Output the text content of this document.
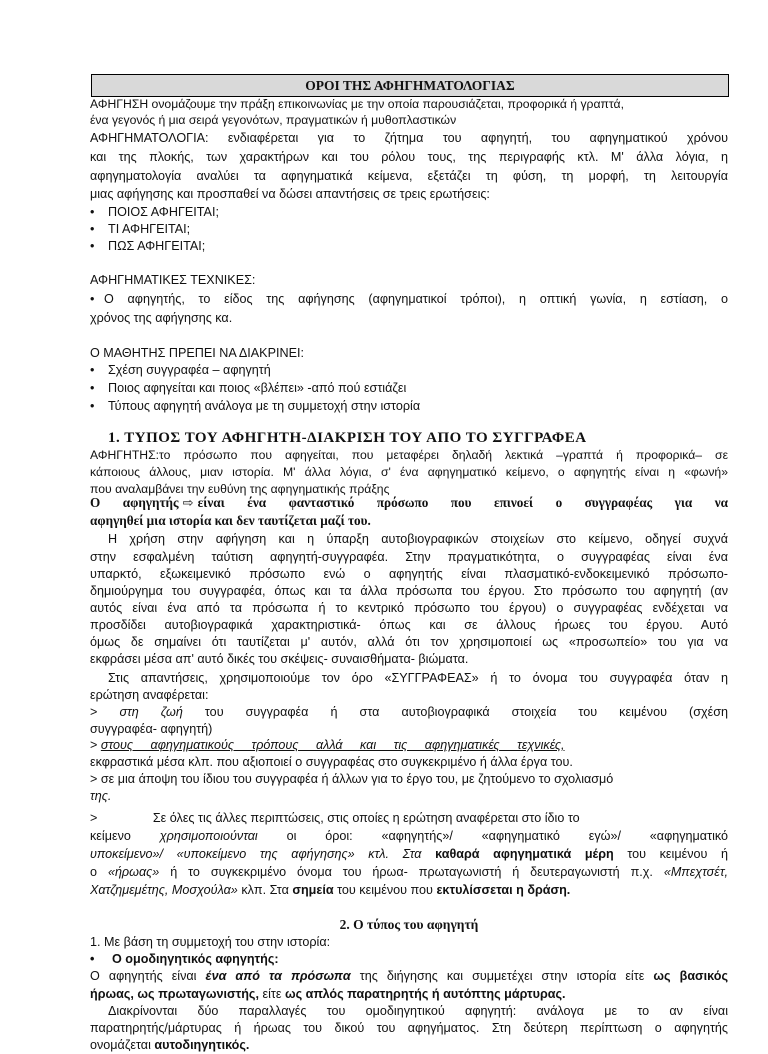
ΟΡΟΙ ΤΗΣ ΑΦΗΓΗΜΑΤΟΛΟΓΙΑΣ
ΑΦΗΓΗΣΗ ονομάζουμε την πράξη επικοινωνίας με την οποία παρουσιάζεται, προφορικά ή γραπτά,
ένα γεγονός ή μια σειρά γεγονότων, πραγματικών ή μυθοπλαστικών
ΑΦΗΓΗΜΑΤΟΛΟΓΙΑ: ενδιαφέρεται για το ζήτημα του αφηγητή, του αφηγηματικού χρόνου
και της πλοκής, των χαρακτήρων και του ρόλου τους, της περιγραφής κτλ. Μ' άλλα λόγια, η
αφηγηματολογία αναλύει τα αφηγηματικά κείμενα, εξετάζει τη φύση, τη μορφή, τη λειτουργία
μιας αφήγησης και προσπαθεί να δώσει απαντήσεις σε τρεις ερωτήσεις:
• ΠΟΙΟΣ ΑΦΗΓΕΙΤΑΙ;
• ΤΙ ΑΦΗΓΕΙΤΑΙ;
• ΠΩΣ ΑΦΗΓΕΙΤΑΙ;
ΑΦΗΓΗΜΑΤΙΚΕΣ ΤΕΧΝΙΚΕΣ:
• Ο αφηγητής, το είδος της αφήγησης (αφηγηματικοί τρόποι), η οπτική γωνία, η εστίαση, ο
χρόνος της αφήγησης κα.
Ο ΜΑΘΗΤΗΣ ΠΡΕΠΕΙ ΝΑ ΔΙΑΚΡΙΝΕΙ:
• Σχέση συγγραφέα – αφηγητή
• Ποιος αφηγείται και ποιος «βλέπει» -από πού εστιάζει
• Τύπους αφηγητή ανάλογα με τη συμμετοχή στην ιστορία
1. ΤΥΠΟΣ ΤΟΥ ΑΦΗΓΗΤΗ-ΔΙΑΚΡΙΣΗ ΤΟΥ ΑΠΟ ΤΟ ΣΥΓΓΡΑΦΕΑ
ΑΦΗΓΗΤΗΣ:το πρόσωπο που αφηγείται, που μεταφέρει δηλαδή λεκτικά –γραπτά ή προφορικά– σε
κάποιους άλλους, μιαν ιστορία. Μ' άλλα λόγια, σ' ένα αφηγηματικό κείμενο, ο αφηγητής είναι η «φωνή»
που αναλαμβάνει την ευθύνη της αφηγηματικής πράξης
Ο αφηγητής ⇨ είναι ένα φανταστικό πρόσωπο που επινοεί ο συγγραφέας για να
αφηγηθεί μια ιστορία και δεν ταυτίζεται μαζί του.
Η χρήση στην αφήγηση και η ύπαρξη αυτοβιογραφικών στοιχείων στο κείμενο, οδηγεί συχνά
στην εσφαλμένη ταύτιση αφηγητή-συγγραφέα. Στην πραγματικότητα, ο συγγραφέας είναι ένα
υπαρκτό, εξωκειμενικό πρόσωπο ενώ ο αφηγητής είναι πλασματικό-ενδοκειμενικό πρόσωπο-
δημιούργημα του συγγραφέα, όπως και τα άλλα πρόσωπα του έργου. Στο πρόσωπο του αφηγητή (αν
αυτός είναι ένα από τα πρόσωπα ή το κεντρικό πρόσωπο του έργου) ο συγγραφέας ενδέχεται να
προσδίδει αυτοβιογραφικά χαρακτηριστικά- όπως και σε άλλους ήρωες του έργου. Αυτό
όμως δε σημαίνει ότι ταυτίζεται μ' αυτόν, αλλά ότι τον χρησιμοποιεί ως «προσωπείο» του για να
εκφράσει μέσα απ' αυτό δικές του σκέψεις- συναισθήματα- βιώματα.
Στις απαντήσεις, χρησιμοποιούμε τον όρο «ΣΥΓΓΡΑΦΕΑΣ» ή το όνομα του συγγραφέα όταν η
ερώτηση αναφέρεται:
> στη ζωή του συγγραφέα ή στα αυτοβιογραφικά στοιχεία του κειμένου (σχέση
συγγραφέα- αφηγητή)
> στους αφηγηματικούς τρόπους αλλά και τις αφηγηματικές τεχνικές,
εκφραστικά μέσα κλπ. που αξιοποιεί ο συγγραφέας στο συγκεκριμένο ή άλλα έργα του.
> σε μια άποψη του ίδιου του συγγραφέα ή άλλων για το έργο του, με ζητούμενο το σχολιασμό
της.
>	Σε όλες τις άλλες περιπτώσεις, στις οποίες η ερώτηση αναφέρεται στο ίδιο το
κείμενο χρησιμοποιούνται οι όροι: «αφηγητής»/ «αφηγηματικό εγώ»/ «αφηγηματικό
υποκείμενο»/ «υποκείμενο της αφήγησης» κτλ. Στα καθαρά αφηγηματικά μέρη του κειμένου ή
ο «ήρωας» ή το συγκεκριμένο όνομα του ήρωα- πρωταγωνιστή ή δευτεραγωνιστή π.χ. «Μπεχτσέτ,
Χατζημεμέτης, Μοσχούλα» κλπ. Στα σημεία του κειμένου που εκτυλίσσεται η δράση.
2. Ο τύπος του αφηγητή
1. Με βάση τη συμμετοχή του στην ιστορία:
• Ο ομοδιηγητικός αφηγητής:
Ο αφηγητής είναι ένα από τα πρόσωπα της διήγησης και συμμετέχει στην ιστορία είτε ως βασικός
ήρωας, ως πρωταγωνιστής, είτε ως απλός παρατηρητής ή αυτόπτης μάρτυρας.
Διακρίνονται δύο παραλλαγές του ομοδιηγητικού αφηγητή: ανάλογα με το αν είναι
παρατηρητής/μάρτυρας ή ήρωας του δικού του αφηγήματος. Στη δεύτερη περίπτωση ο αφηγητής
ονομάζεται αυτοδιηγητικός.
